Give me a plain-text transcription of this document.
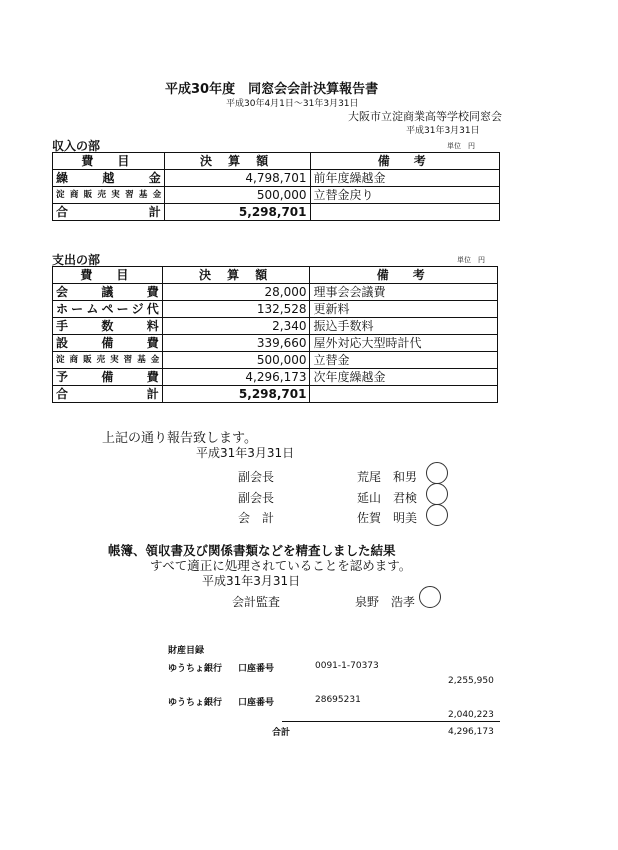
平成30年度　同窓会会計決算報告書
平成30年4月1日～31年3月31日
大阪市立淀商業高等学校同窓会
平成31年3月31日
収入の部	単位　円
費　目	決 算 額	備　考
繰越金	4,798,701	前年度繰越金
淀商販売実習基金	500,000	立替金戻り
合計	5,298,701	
支出の部	単位　円
費　目	決 算 額	備　考
会議費	28,000	理事会会議費
ホームページ代	132,528	更新料
手数料	2,340	振込手数料
設備費	339,660	屋外対応大型時計代
淀商販売実習基金	500,000	立替金
予備費	4,296,173	次年度繰越金
合計	5,298,701	
上記の通り報告致します。
平成31年3月31日
副会長	荒尾　和男
副会長	延山　君検
会　計	佐賀　明美
帳簿、領収書及び関係書類などを精査しました結果
すべて適正に処理されていることを認めます。
平成31年3月31日
会計監査	泉野　浩孝
財産目録
ゆうちょ銀行 口座番号	0091-1-70373
2,255,950
ゆうちょ銀行 口座番号	28695231
2,040,223
合計	4,296,173
